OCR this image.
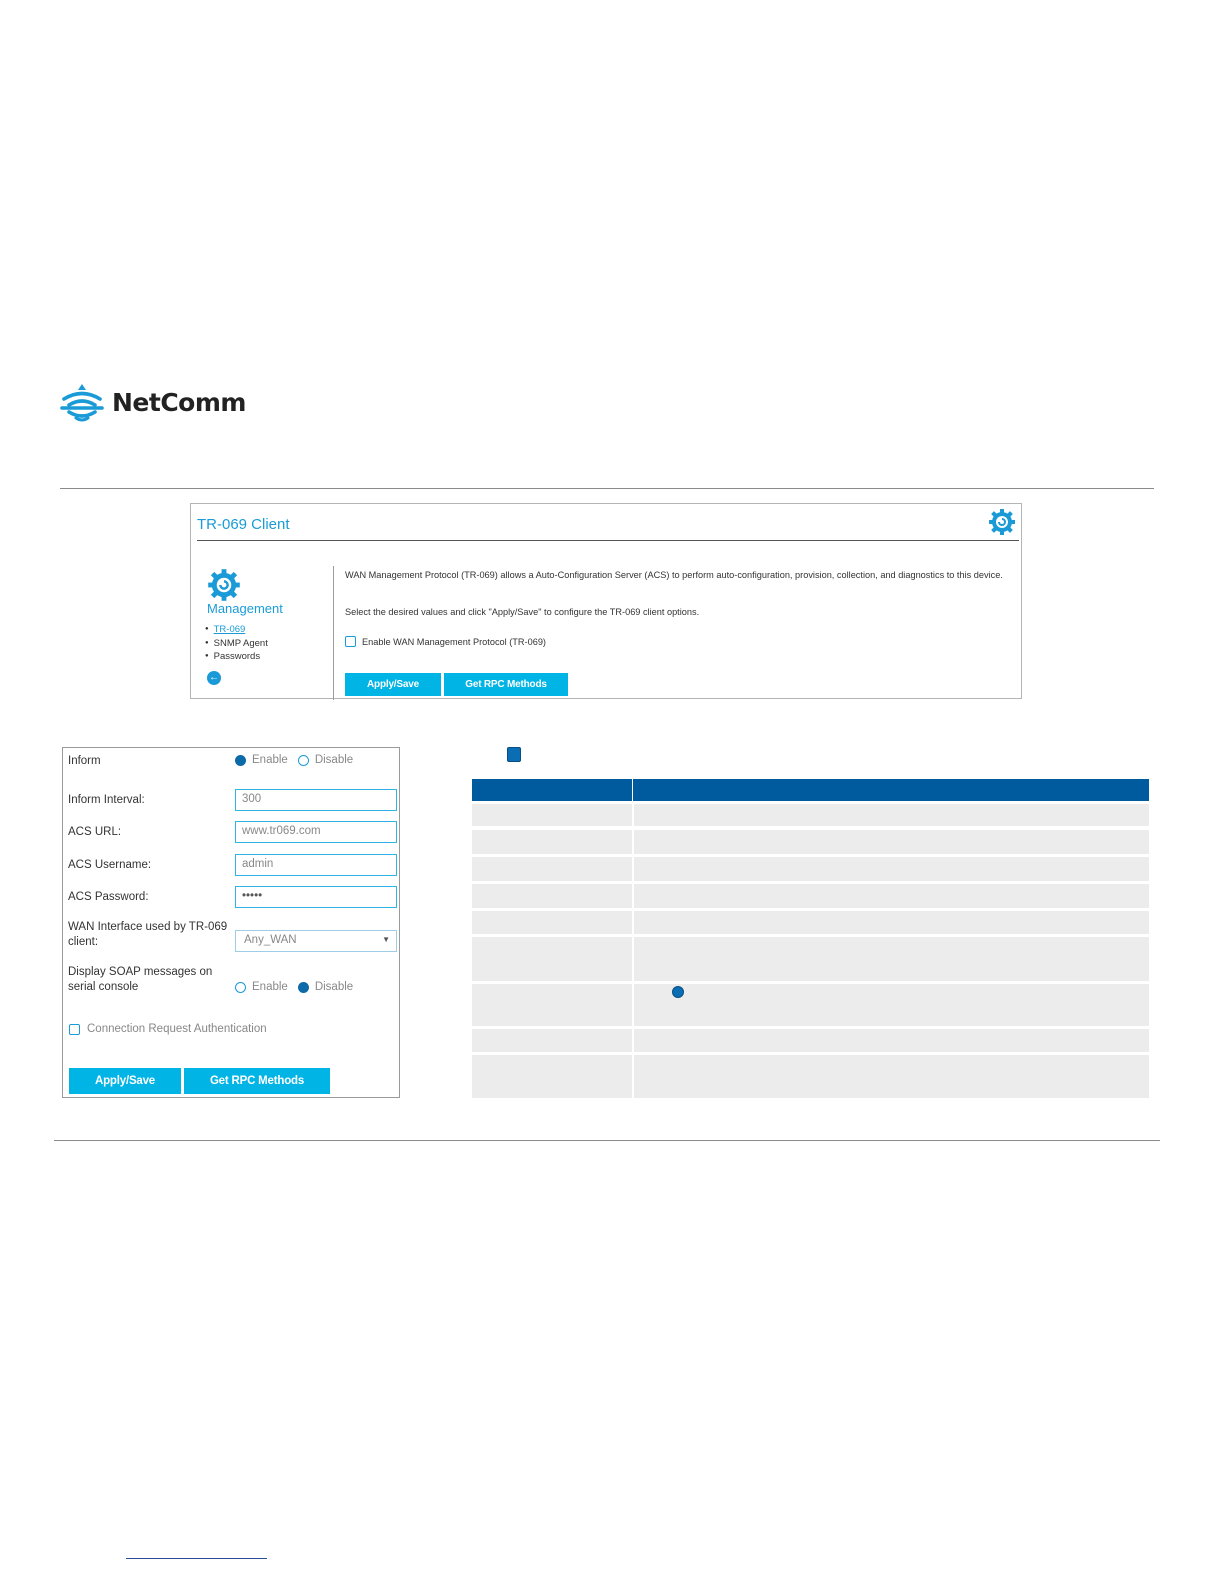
NetComm
TR-069 Client
Management
● TR-069
● SNMP Agent
● Passwords
←
WAN Management Protocol (TR-069) allows a Auto-Configuration Server (ACS) to perform auto-configuration, provision, collection, and diagnostics to this device.
Select the desired values and click "Apply/Save" to configure the TR-069 client options.
Enable WAN Management Protocol (TR-069)
Apply/Save	Get RPC Methods
Inform	Enable Disable
Inform Interval:	300
ACS URL:	www.tr069.com
ACS Username:	admin
ACS Password:	•••••
WAN Interface used by TR-069
client:	Any_WAN	▼
Display SOAP messages on
serial console	Enable Disable
Connection Request Authentication
Apply/Save	Get RPC Methods
